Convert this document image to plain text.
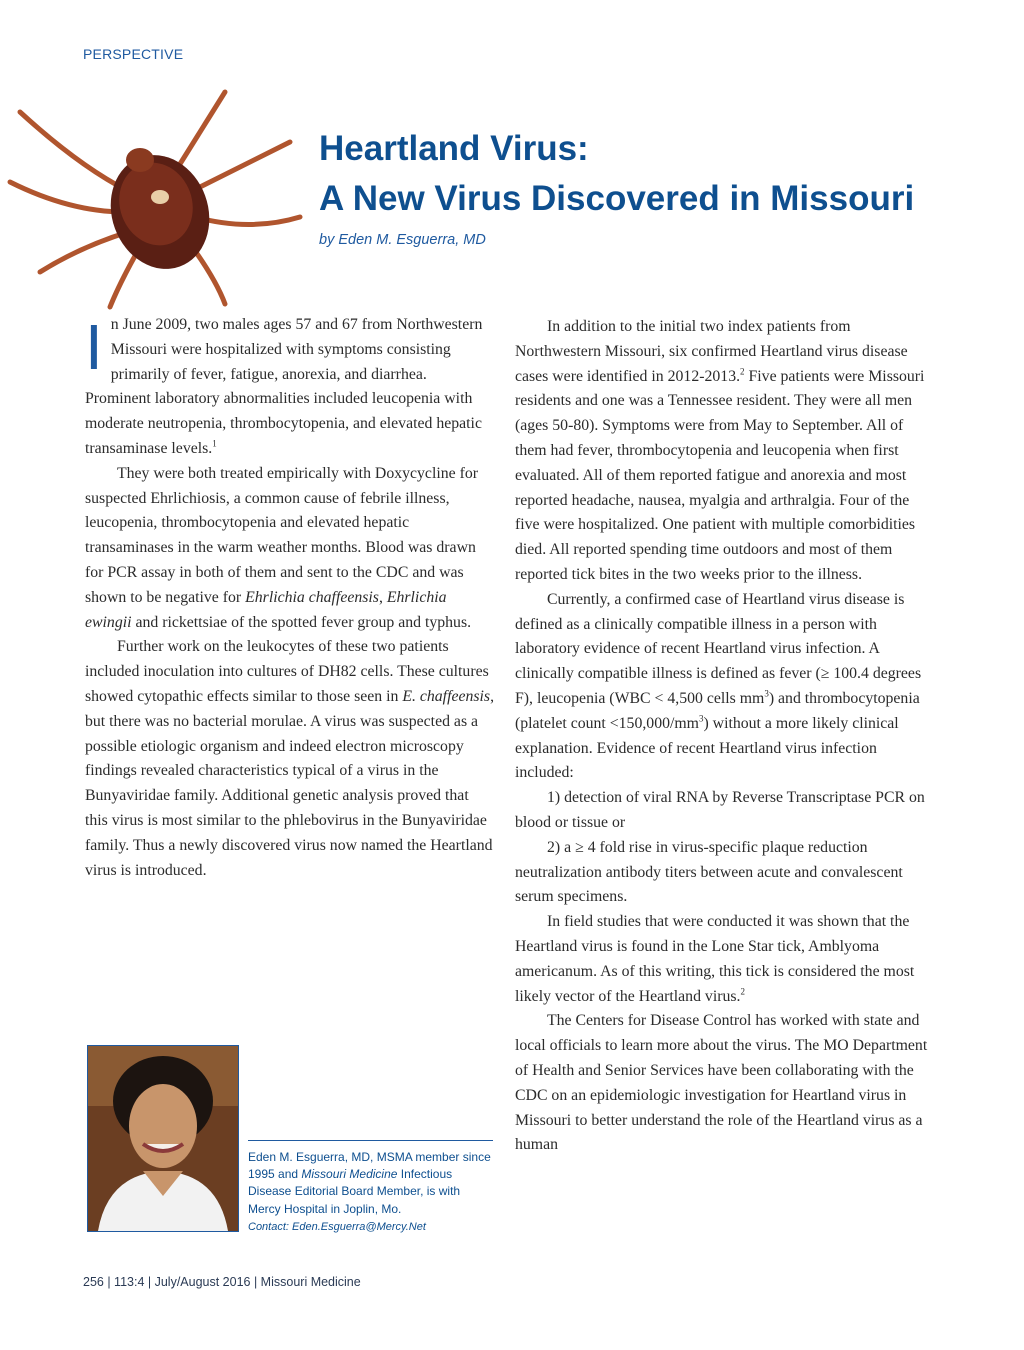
PERSPECTIVE
Heartland Virus:
A New Virus Discovered in Missouri
by Eden M. Esguerra, MD

In June 2009, two males ages 57 and 67 from Northwestern Missouri were hospitalized with symptoms consisting primarily of fever, fatigue, anorexia, and diarrhea. Prominent laboratory abnormalities included leucopenia with moderate neutropenia, thrombocytopenia, and elevated hepatic transaminase levels.$^1$

They were both treated empirically with Doxycycline for suspected Ehrlichiosis, a common cause of febrile illness, leucopenia, thrombocytopenia and elevated hepatic transaminases in the warm weather months. Blood was drawn for PCR assay in both of them and sent to the CDC and was shown to be negative for Ehrlichia chaffeensis, Ehrlichia ewingii and rickettsiae of the spotted fever group and typhus.

Further work on the leukocytes of these two patients included inoculation into cultures of DH82 cells. These cultures showed cytopathic effects similar to those seen in E. chaffeensis, but there was no bacterial morulae. A virus was suspected as a possible etiologic organism and indeed electron microscopy findings revealed characteristics typical of a virus in the Bunyaviridae family. Additional genetic analysis proved that this virus is most similar to the phlebovirus in the Bunyaviridae family. Thus a newly discovered virus now named the Heartland virus is introduced.

In addition to the initial two index patients from Northwestern Missouri, six confirmed Heartland virus disease cases were identified in 2012-2013.$^2$ Five patients were Missouri residents and one was a Tennessee resident. They were all men (ages 50-80). Symptoms were from May to September. All of them had fever, thrombocytopenia and leucopenia when first evaluated. All of them reported fatigue and anorexia and most reported headache, nausea, myalgia and arthralgia. Four of the five were hospitalized. One patient with multiple comorbidities died. All reported spending time outdoors and most of them reported tick bites in the two weeks prior to the illness.

Currently, a confirmed case of Heartland virus disease is defined as a clinically compatible illness in a person with laboratory evidence of recent Heartland virus infection. A clinically compatible illness is defined as fever (≥ 100.4 degrees F), leucopenia (WBC < 4,500 cells $mm^3$) and thrombocytopenia (platelet count $<150,000/mm^3$) without a more likely clinical explanation. Evidence of recent Heartland virus infection included:

1) detection of viral RNA by Reverse Transcriptase PCR on blood or tissue or

2) a ≥ 4 fold rise in virus-specific plaque reduction neutralization antibody titers between acute and convalescent serum specimens.

In field studies that were conducted it was shown that the Heartland virus is found in the Lone Star tick, Amblyoma americanum. As of this writing, this tick is considered the most likely vector of the Heartland virus.$^2$

The Centers for Disease Control has worked with state and local officials to learn more about the virus. The MO Department of Health and Senior Services have been collaborating with the CDC on an epidemiologic investigation for Heartland virus in Missouri to better understand the role of the Heartland virus as a human

Eden M. Esguerra, MD, MSMA member since 1995 and Missouri Medicine Infectious Disease Editorial Board Member, is with Mercy Hospital in Joplin, Mo.
Contact: Eden.Esguerra@Mercy.Net
256 | 113:4 | July/August 2016 | Missouri Medicine
